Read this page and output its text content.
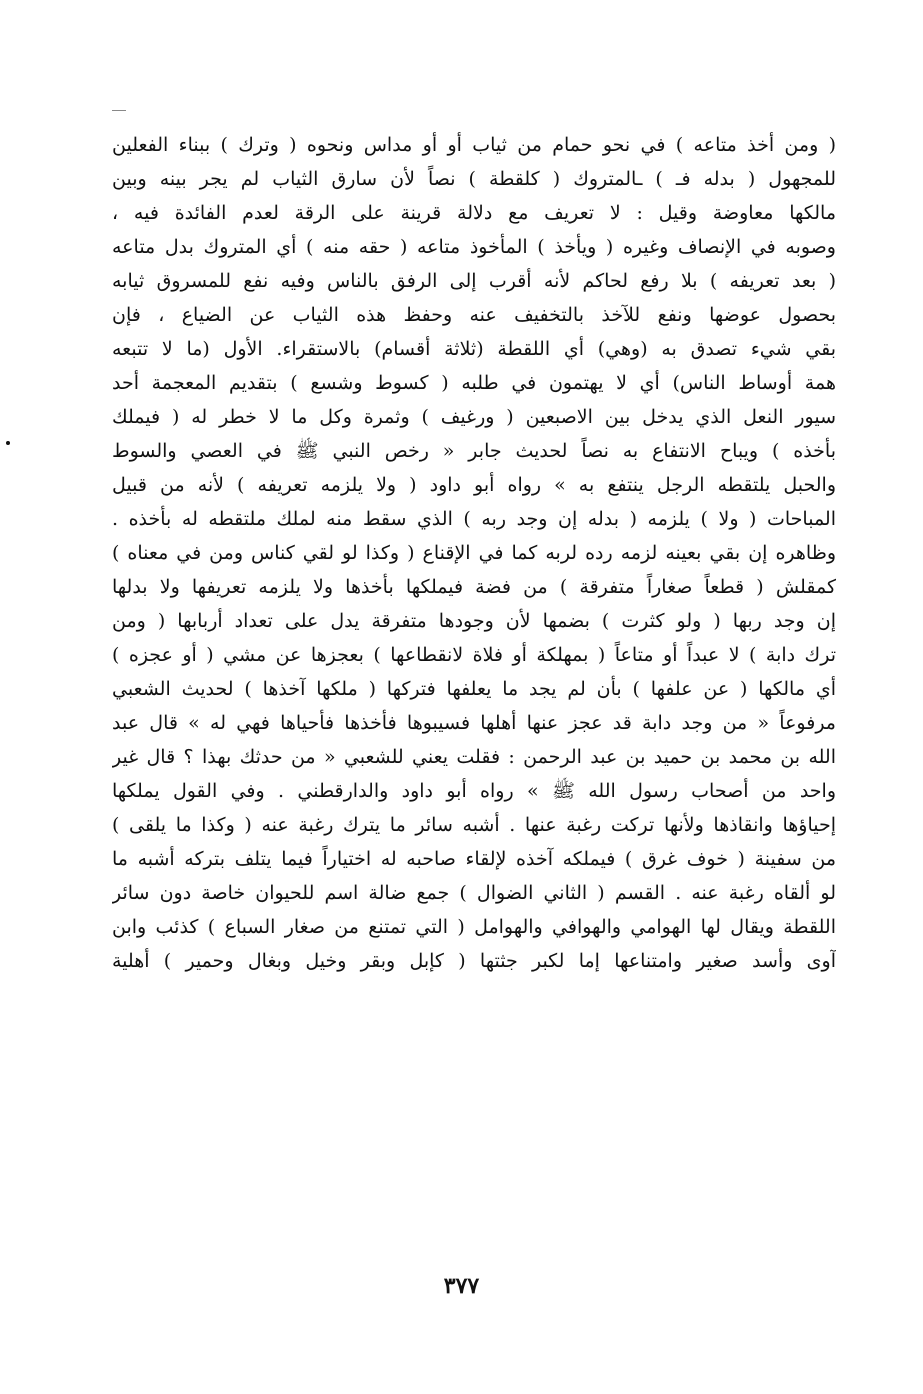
( ومن أخذ متاعه ) في نحو حمام من ثياب أو أو مداس ونحوه ( وترك ) ببناء الفعلين
للمجهول ( بدله فـ ) ـالمتروك ( كلقطة ) نصاً لأن سارق الثياب لم يجر بينه وبين
مالكها معاوضة وقيل : لا تعريف مع دلالة قرينة على الرقة لعدم الفائدة فيه ،
وصوبه في الإنصاف وغيره ( ويأخذ ) المأخوذ متاعه ( حقه منه ) أي المتروك بدل متاعه
( بعد تعريفه ) بلا رفع لحاكم لأنه أقرب إلى الرفق بالناس وفيه نفع للمسروق ثيابه
بحصول عوضها ونفع للآخذ بالتخفيف عنه وحفظ هذه الثياب عن الضياع ، فإن
بقي شيء تصدق به (وهي) أي اللقطة (ثلاثة أقسام) بالاستقراء. الأول (ما لا تتبعه
همة أوساط الناس) أي لا يهتمون في طلبه ( كسوط وشسع ) بتقديم المعجمة أحد
سيور النعل الذي يدخل بين الاصبعين ( ورغيف ) وثمرة وكل ما لا خطر له ( فيملك
بأخذه ) ويباح الانتفاع به نصاً لحديث جابر « رخص النبي ﷺ في العصي والسوط
والحبل يلتقطه الرجل ينتفع به » رواه أبو داود ( ولا يلزمه تعريفه ) لأنه من قبيل
المباحات ( ولا ) يلزمه ( بدله إن وجد ربه ) الذي سقط منه لملك ملتقطه له بأخذه .
وظاهره إن بقي بعينه لزمه رده لربه كما في الإقناع ( وكذا لو لقي كناس ومن في معناه )
كمقلش ( قطعاً صغاراً متفرقة ) من فضة فيملكها بأخذها ولا يلزمه تعريفها ولا بدلها
إن وجد ربها ( ولو كثرت ) بضمها لأن وجودها متفرقة يدل على تعداد أربابها ( ومن
ترك دابة ) لا عبداً أو متاعاً ( بمهلكة أو فلاة لانقطاعها ) بعجزها عن مشي ( أو عجزه )
أي مالكها ( عن علفها ) بأن لم يجد ما يعلفها فتركها ( ملكها آخذها ) لحديث الشعبي
مرفوعاً « من وجد دابة قد عجز عنها أهلها فسيبوها فأخذها فأحياها فهي له » قال عبد
الله بن محمد بن حميد بن عبد الرحمن : فقلت يعني للشعبي « من حدثك بهذا ؟ قال غير
واحد من أصحاب رسول الله ﷺ » رواه أبو داود والدارقطني . وفي القول يملكها
إحياؤها وانقاذها ولأنها تركت رغبة عنها . أشبه سائر ما يترك رغبة عنه ( وكذا ما يلقى )
من سفينة ( خوف غرق ) فيملكه آخذه لإلقاء صاحبه له اختياراً فيما يتلف بتركه أشبه ما
لو ألقاه رغبة عنه . القسم ( الثاني الضوال ) جمع ضالة اسم للحيوان خاصة دون سائر
اللقطة ويقال لها الهوامي والهوافي والهوامل ( التي تمتنع من صغار السباع ) كذئب وابن
آوى وأسد صغير وامتناعها إما لكبر جثتها ( كإبل وبقر وخيل وبغال وحمير ) أهلية
٣٧٧
